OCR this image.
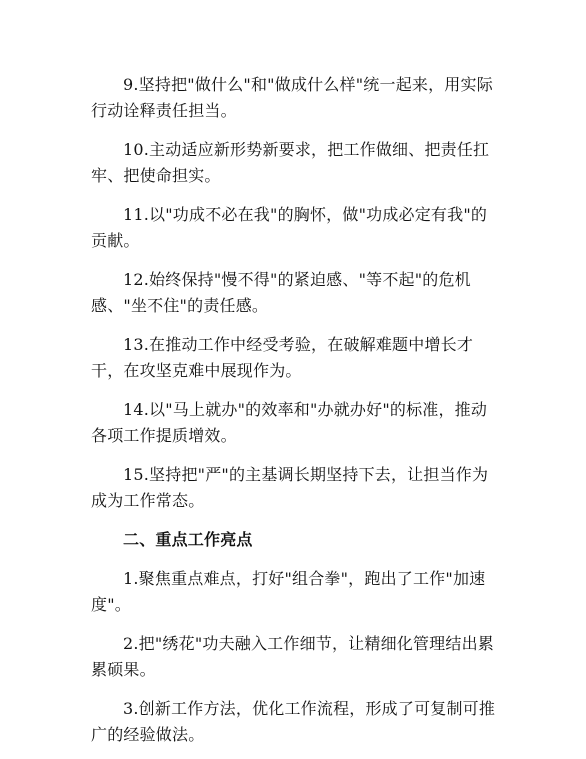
9.坚持把"做什么"和"做成什么样"统一起来，用实际行动诠释责任担当。

10.主动适应新形势新要求，把工作做细、把责任扛牢、把使命担实。

11.以"功成不必在我"的胸怀，做"功成必定有我"的贡献。

12.始终保持"慢不得"的紧迫感、"等不起"的危机感、"坐不住"的责任感。

13.在推动工作中经受考验，在破解难题中增长才干，在攻坚克难中展现作为。

14.以"马上就办"的效率和"办就办好"的标准，推动各项工作提质增效。

15.坚持把"严"的主基调长期坚持下去，让担当作为成为工作常态。

二、重点工作亮点

1.聚焦重点难点，打好"组合拳"，跑出了工作"加速度"。

2.把"绣花"功夫融入工作细节，让精细化管理结出累累硕果。

3.创新工作方法，优化工作流程，形成了可复制可推广的经验做法。
